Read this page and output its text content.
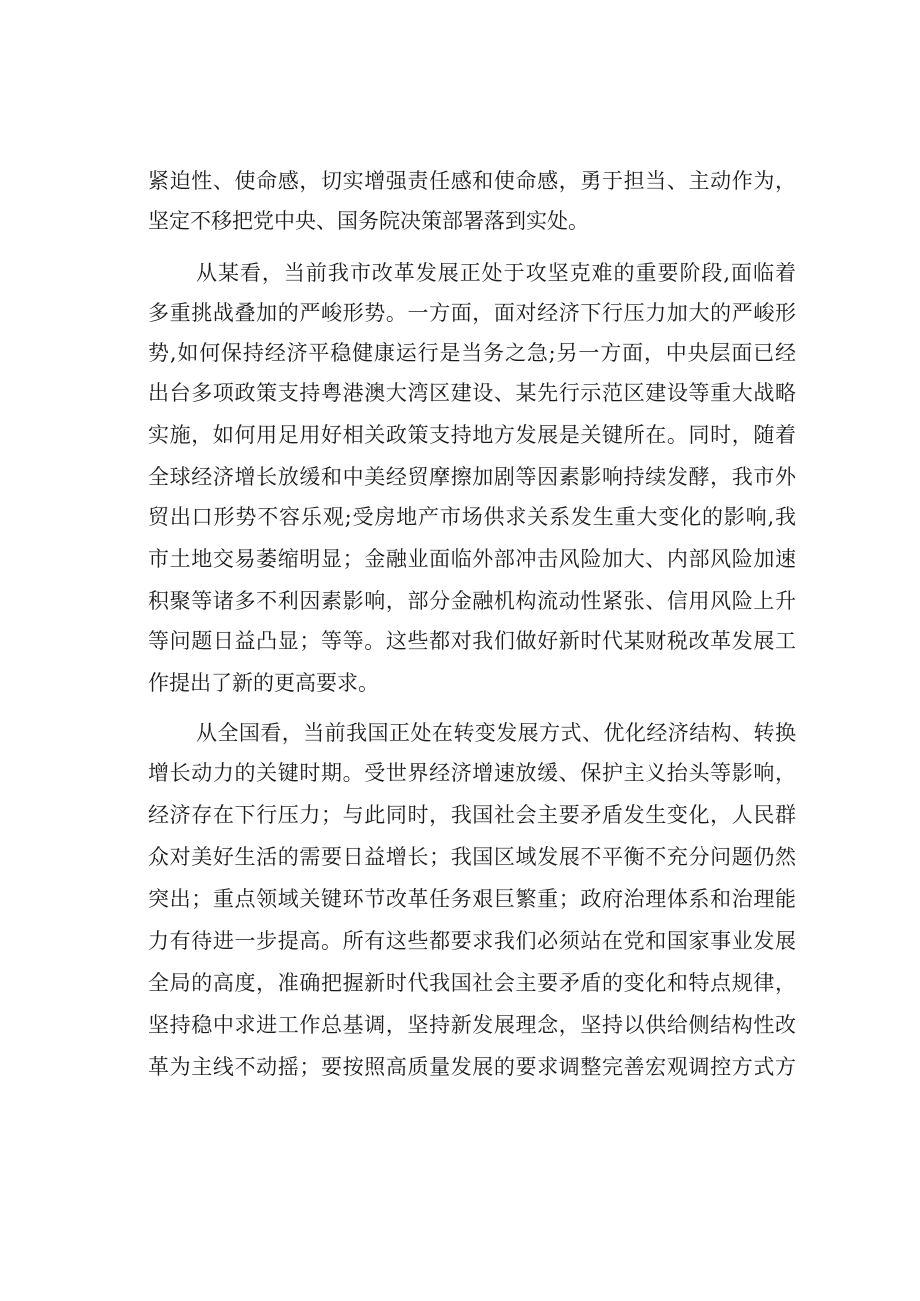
紧迫性、使命感，切实增强责任感和使命感，勇于担当、主动作为，
坚定不移把党中央、国务院决策部署落到实处。
从某看，当前我市改革发展正处于攻坚克难的重要阶段,面临着
多重挑战叠加的严峻形势。一方面，面对经济下行压力加大的严峻形
势,如何保持经济平稳健康运行是当务之急;另一方面，中央层面已经
出台多项政策支持粤港澳大湾区建设、某先行示范区建设等重大战略
实施，如何用足用好相关政策支持地方发展是关键所在。同时，随着
全球经济增长放缓和中美经贸摩擦加剧等因素影响持续发酵，我市外
贸出口形势不容乐观;受房地产市场供求关系发生重大变化的影响,我
市土地交易萎缩明显；金融业面临外部冲击风险加大、内部风险加速
积聚等诸多不利因素影响，部分金融机构流动性紧张、信用风险上升
等问题日益凸显；等等。这些都对我们做好新时代某财税改革发展工
作提出了新的更高要求。
从全国看，当前我国正处在转变发展方式、优化经济结构、转换
增长动力的关键时期。受世界经济增速放缓、保护主义抬头等影响，
经济存在下行压力；与此同时，我国社会主要矛盾发生变化，人民群
众对美好生活的需要日益增长；我国区域发展不平衡不充分问题仍然
突出；重点领域关键环节改革任务艰巨繁重；政府治理体系和治理能
力有待进一步提高。所有这些都要求我们必须站在党和国家事业发展
全局的高度，准确把握新时代我国社会主要矛盾的变化和特点规律，
坚持稳中求进工作总基调，坚持新发展理念，坚持以供给侧结构性改
革为主线不动摇；要按照高质量发展的要求调整完善宏观调控方式方
